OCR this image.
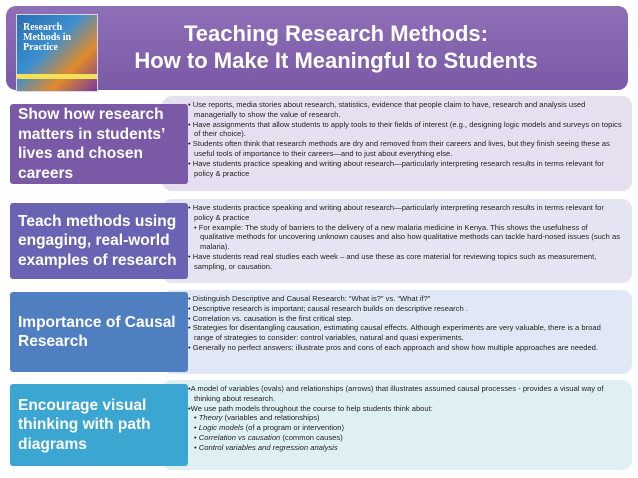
Research Methods in Practice
Teaching Research Methods:
How to Make It Meaningful to Students
• Use reports, media stories about research, statistics, evidence that people claim to have, research and analysis used managerially to show the value of research.
• Have assignments that allow students to apply tools to their fields of interest (e.g., designing logic models and surveys on topics of their choice).
• Students often think that research methods are dry and removed from their careers and lives, but they finish seeing these as useful tools of importance to their careers—and to just about everything else.
• Have students practice speaking and writing about research—particularly interpreting research results in terms relevant for policy & practice
Show how research matters in students’ lives and chosen careers
• Have students practice speaking and writing about research—particularly interpreting research results in terms relevant for policy & practice
• For example: The study of barriers to the delivery of a new malaria medicine in Kenya. This shows the usefulness of qualitative methods for uncovering unknown causes and also how qualitative methods can tackle hard-nosed issues (such as malaria).
• Have students read real studies each week – and use these as core material for reviewing topics such as measurement, sampling, or causation.
Teach methods using engaging, real-world examples of research
• Distinguish Descriptive and Causal Research: “What is?” vs. “What if?”
• Descriptive research is important; causal research builds on descriptive research .
• Correlation vs. causation is the first critical step.
• Strategies for disentangling causation, estimating causal effects. Although experiments are very valuable, there is a broad range of strategies to consider: control variables, natural and quasi experiments.
• Generally no perfect answers: illustrate pros and cons of each approach and show how multiple approaches are needed.
Importance of Causal Research
•A model of variables (ovals) and relationships (arrows) that illustrates assumed causal processes - provides a visual way of thinking about research.
•We use path models throughout the course to help students think about:
• Theory (variables and relationships)
• Logic models (of a program or intervention)
• Correlation vs causation (common causes)
• Control variables and regression analysis
Encourage visual thinking with path diagrams
